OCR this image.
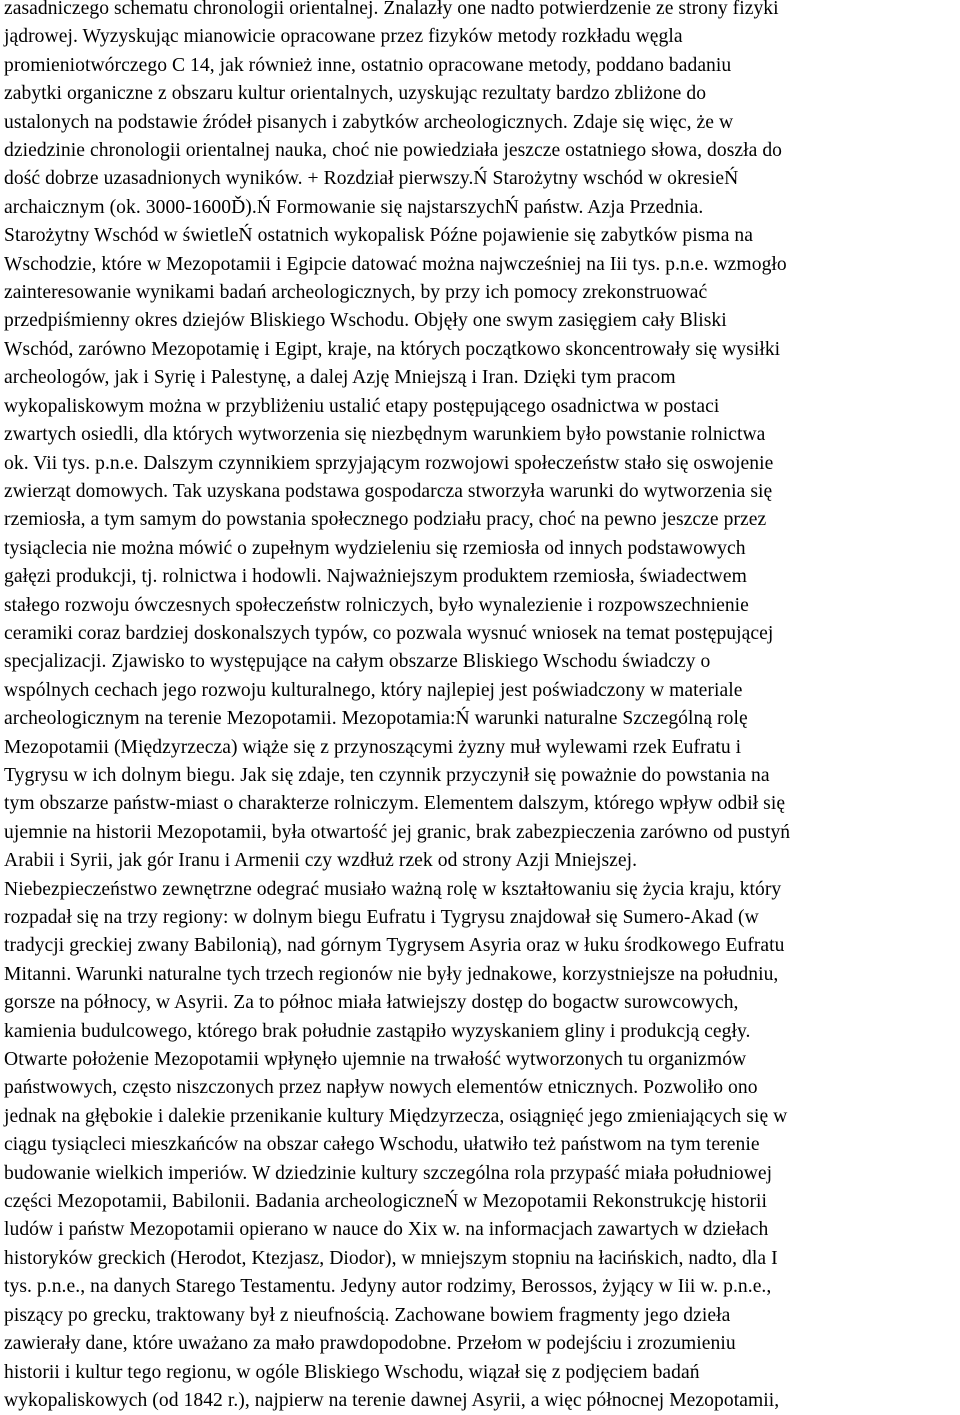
zasadniczego schematu chronologii orientalnej. Znalazły one nadto potwierdzenie ze strony fizyki

jądrowej. Wyzyskując mianowicie opracowane przez fizyków metody rozkładu węgla

promieniotwórczego C 14, jak również inne, ostatnio opracowane metody, poddano badaniu

zabytki organiczne z obszaru kultur orientalnych, uzyskując rezultaty bardzo zbliżone do

ustalonych na podstawie źródeł pisanych i zabytków archeologicznych. Zdaje się więc, że w

dziedzinie chronologii orientalnej nauka, choć nie powiedziała jeszcze ostatniego słowa, doszła do

dość dobrze uzasadnionych wyników. + Rozdział pierwszy.Ń Starożytny wschód w okresieŃ

archaicznym (ok. 3000-1600Ď).Ń Formowanie się najstarszychŃ państw. Azja Przednia.

Starożytny Wschód w świetleŃ ostatnich wykopalisk Późne pojawienie się zabytków pisma na

Wschodzie, które w Mezopotamii i Egipcie datować można najwcześniej na Iii tys. p.n.e. wzmogło

zainteresowanie wynikami badań archeologicznych, by przy ich pomocy zrekonstruować

przedpiśmienny okres dziejów Bliskiego Wschodu. Objęły one swym zasięgiem cały Bliski

Wschód, zarówno Mezopotamię i Egipt, kraje, na których początkowo skoncentrowały się wysiłki

archeologów, jak i Syrię i Palestynę, a dalej Azję Mniejszą i Iran. Dzięki tym pracom

wykopaliskowym można w przybliżeniu ustalić etapy postępującego osadnictwa w postaci

zwartych osiedli, dla których wytworzenia się niezbędnym warunkiem było powstanie rolnictwa

ok. Vii tys. p.n.e. Dalszym czynnikiem sprzyjającym rozwojowi społeczeństw stało się oswojenie

zwierząt domowych. Tak uzyskana podstawa gospodarcza stworzyła warunki do wytworzenia się

rzemiosła, a tym samym do powstania społecznego podziału pracy, choć na pewno jeszcze przez

tysiąclecia nie można mówić o zupełnym wydzieleniu się rzemiosła od innych podstawowych

gałęzi produkcji, tj. rolnictwa i hodowli. Najważniejszym produktem rzemiosła, świadectwem

stałego rozwoju ówczesnych społeczeństw rolniczych, było wynalezienie i rozpowszechnienie

ceramiki coraz bardziej doskonalszych typów, co pozwala wysnuć wniosek na temat postępującej

specjalizacji. Zjawisko to występujące na całym obszarze Bliskiego Wschodu świadczy o

wspólnych cechach jego rozwoju kulturalnego, który najlepiej jest poświadczony w materiale

archeologicznym na terenie Mezopotamii. Mezopotamia:Ń warunki naturalne Szczególną rolę

Mezopotamii (Międzyrzecza) wiąże się z przynoszącymi żyzny muł wylewami rzek Eufratu i

Tygrysu w ich dolnym biegu. Jak się zdaje, ten czynnik przyczynił się poważnie do powstania na

tym obszarze państw-miast o charakterze rolniczym. Elementem dalszym, którego wpływ odbił się

ujemnie na historii Mezopotamii, była otwartość jej granic, brak zabezpieczenia zarówno od pustyń

Arabii i Syrii, jak gór Iranu i Armenii czy wzdłuż rzek od strony Azji Mniejszej.

Niebezpieczeństwo zewnętrzne odegrać musiało ważną rolę w kształtowaniu się życia kraju, który

rozpadał się na trzy regiony: w dolnym biegu Eufratu i Tygrysu znajdował się Sumero-Akad (w

tradycji greckiej zwany Babilonią), nad górnym Tygrysem Asyria oraz w łuku środkowego Eufratu

Mitanni. Warunki naturalne tych trzech regionów nie były jednakowe, korzystniejsze na południu,

gorsze na północy, w Asyrii. Za to północ miała łatwiejszy dostęp do bogactw surowcowych,

kamienia budulcowego, którego brak południe zastąpiło wyzyskaniem gliny i produkcją cegły.

Otwarte położenie Mezopotamii wpłynęło ujemnie na trwałość wytworzonych tu organizmów

państwowych, często niszczonych przez napływ nowych elementów etnicznych. Pozwoliło ono

jednak na głębokie i dalekie przenikanie kultury Międzyrzecza, osiągnięć jego zmieniających się w

ciągu tysiącleci mieszkańców na obszar całego Wschodu, ułatwiło też państwom na tym terenie

budowanie wielkich imperiów. W dziedzinie kultury szczególna rola przypaść miała południowej

części Mezopotamii, Babilonii. Badania archeologiczneŃ w Mezopotamii Rekonstrukcję historii

ludów i państw Mezopotamii opierano w nauce do Xix w. na informacjach zawartych w dziełach

historyków greckich (Herodot, Ktezjasz, Diodor), w mniejszym stopniu na łacińskich, nadto, dla I

tys. p.n.e., na danych Starego Testamentu. Jedyny autor rodzimy, Berossos, żyjący w Iii w. p.n.e.,

piszący po grecku, traktowany był z nieufnością. Zachowane bowiem fragmenty jego dzieła

zawierały dane, które uważano za mało prawdopodobne. Przełom w podejściu i zrozumieniu

historii i kultur tego regionu, w ogóle Bliskiego Wschodu, wiązał się z podjęciem badań

wykopaliskowych (od 1842 r.), najpierw na terenie dawnej Asyrii, a więc północnej Mezopotamii,
